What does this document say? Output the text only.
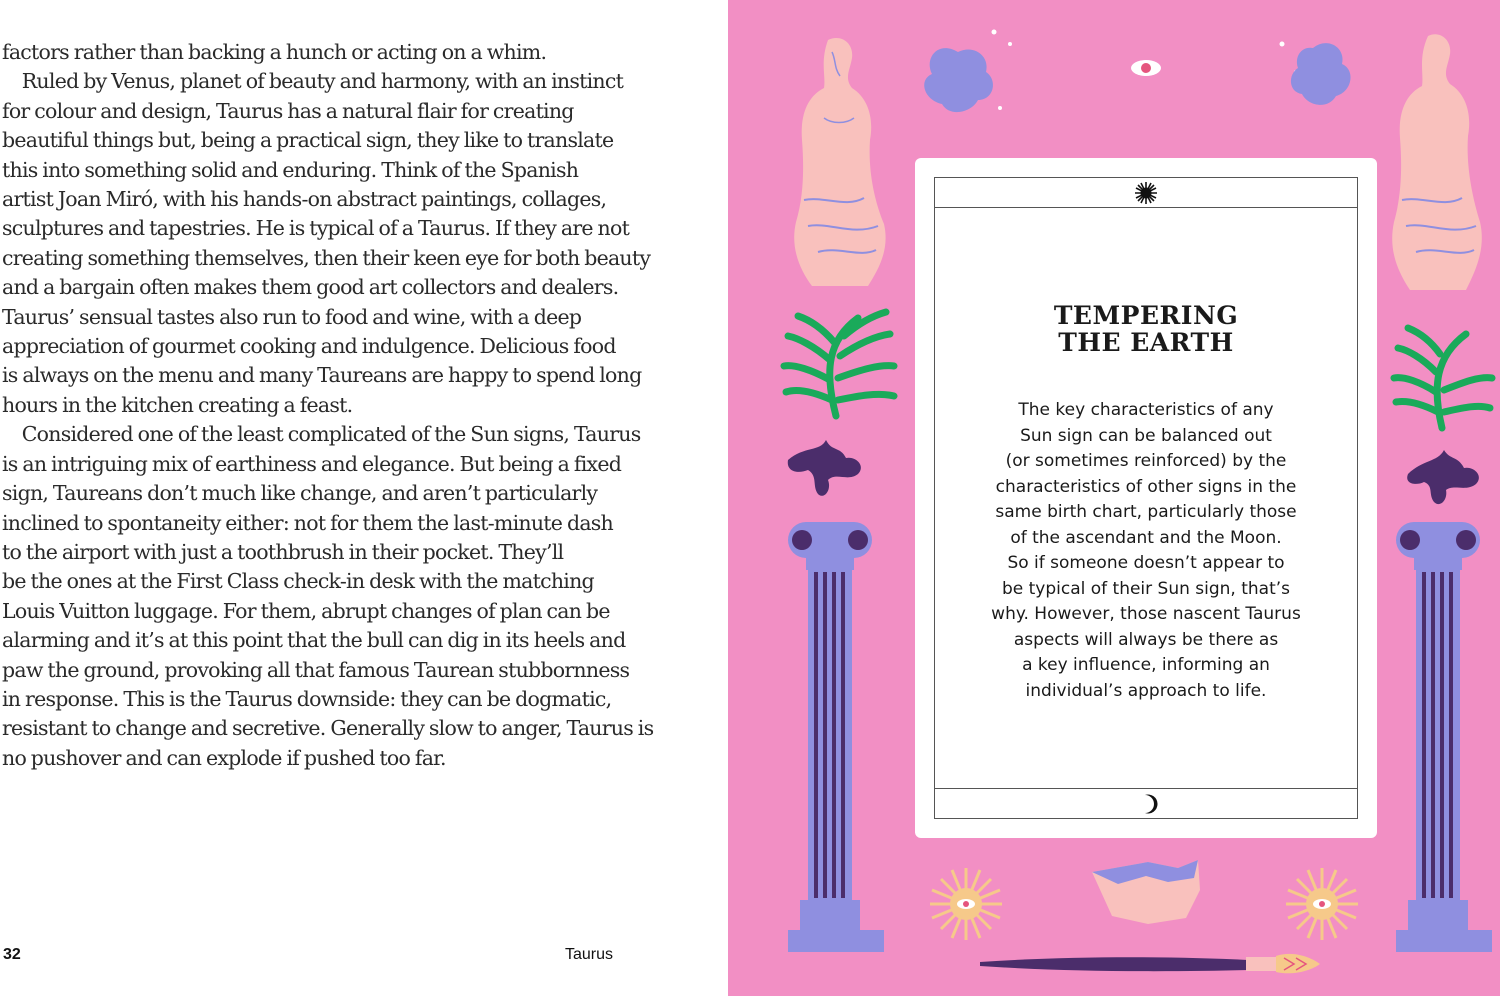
factors rather than backing a hunch or acting on a whim.
 Ruled by Venus, planet of beauty and harmony, with an instinct
for colour and design, Taurus has a natural flair for creating
beautiful things but, being a practical sign, they like to translate
this into something solid and enduring. Think of the Spanish
artist Joan Miró, with his hands-on abstract paintings, collages,
sculptures and tapestries. He is typical of a Taurus. If they are not
creating something themselves, then their keen eye for both beauty
and a bargain often makes them good art collectors and dealers.
Taurus’ sensual tastes also run to food and wine, with a deep
appreciation of gourmet cooking and indulgence. Delicious food
is always on the menu and many Taureans are happy to spend long
hours in the kitchen creating a feast.
 Considered one of the least complicated of the Sun signs, Taurus
is an intriguing mix of earthiness and elegance. But being a fixed
sign, Taureans don’t much like change, and aren’t particularly
inclined to spontaneity either: not for them the last-minute dash
to the airport with just a toothbrush in their pocket. They’ll
be the ones at the First Class check-in desk with the matching
Louis Vuitton luggage. For them, abrupt changes of plan can be
alarming and it’s at this point that the bull can dig in its heels and
paw the ground, provoking all that famous Taurean stubbornness
in response. This is the Taurus downside: they can be dogmatic,
resistant to change and secretive. Generally slow to anger, Taurus is
no pushover and can explode if pushed too far.
32	Taurus
TEMPERING
THE EARTH
The key characteristics of any
Sun sign can be balanced out
(or sometimes reinforced) by the
characteristics of other signs in the
same birth chart, particularly those
of the ascendant and the Moon.
So if someone doesn’t appear to
be typical of their Sun sign, that’s
why. However, those nascent Taurus
aspects will always be there as
a key influence, informing an
individual’s approach to life.
